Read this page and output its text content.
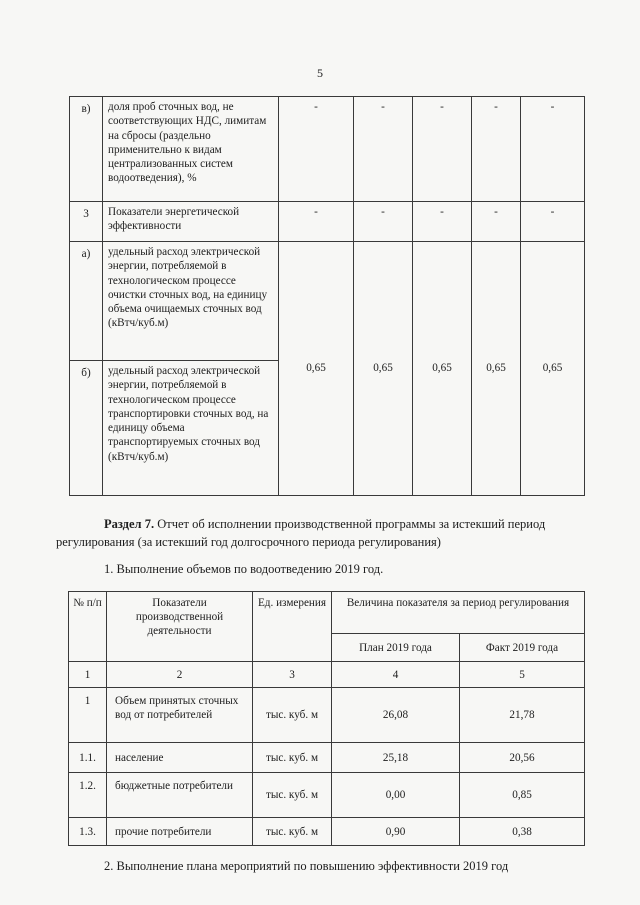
5
в)	доля проб сточных вод, не соответствующих НДС, лимитам на сбросы (раздельно применительно к видам централизованных систем водоотведения), %	-	-	-	-	-
3	Показатели энергетической эффективности	-	-	-	-	-
а)	удельный расход электрической энергии, потребляемой в технологическом процессе очистки сточных вод, на единицу объема очищаемых сточных вод (кВтч/куб.м)	0,65	0,65	0,65	0,65	0,65
б)	удельный расход электрической энергии, потребляемой в технологическом процессе транспортировки сточных вод, на единицу объема транспортируемых сточных вод (кВтч/куб.м)					

Раздел 7. Отчет об исполнении производственной программы за истекший период
регулирования (за истекший год долгосрочного периода регулирования)
1. Выполнение объемов по водоотведению 2019 год.
№ п/п	Показатели производственной деятельности	Ед. измерения	Величина показателя за период регулирования	
			План 2019 года	Факт 2019 года
1	2	3	4	5
1	Объем принятых сточных вод от потребителей	тыс. куб. м	26,08	21,78
1.1.	население	тыс. куб. м	25,18	20,56
1.2.	бюджетные потребители	тыс. куб. м	0,00	0,85
1.3.	прочие потребители	тыс. куб. м	0,90	0,38
2. Выполнение плана мероприятий по повышению эффективности 2019 год
